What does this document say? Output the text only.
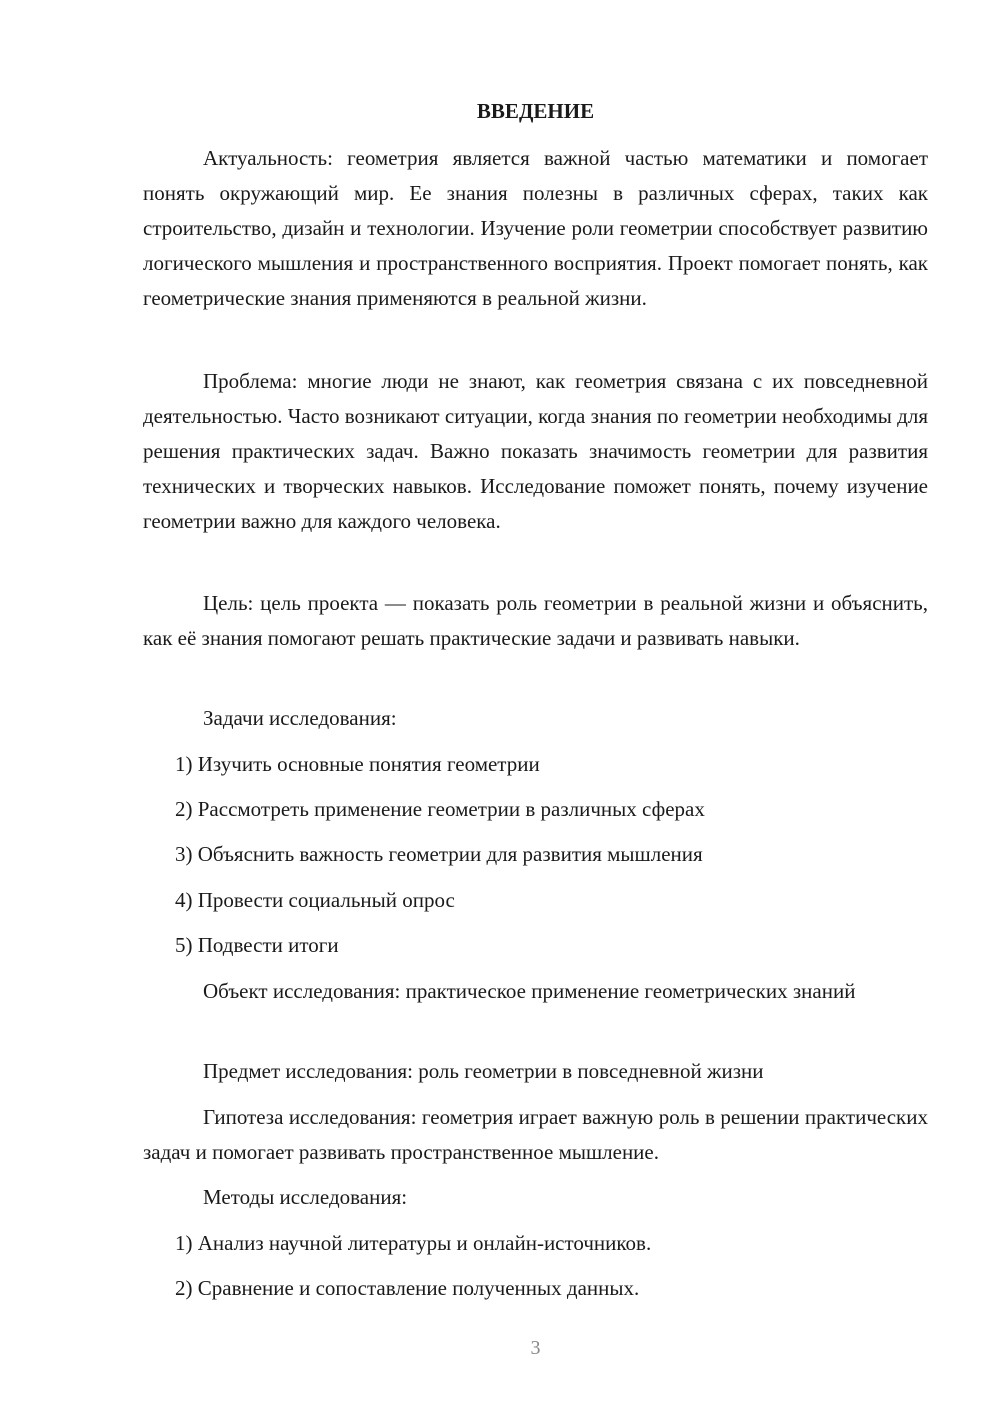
ВВЕДЕНИЕ

Актуальность: геометрия является важной частью математики и помогает понять окружающий мир. Ее знания полезны в различных сферах, таких как строительство, дизайн и технологии. Изучение роли геометрии способствует развитию логического мышления и пространственного восприятия. Проект помогает понять, как геометрические знания применяются в реальной жизни.

Проблема: многие люди не знают, как геометрия связана с их повседневной деятельностью. Часто возникают ситуации, когда знания по геометрии необходимы для решения практических задач. Важно показать значимость геометрии для развития технических и творческих навыков. Исследование поможет понять, почему изучение геометрии важно для каждого человека.

Цель: цель проекта — показать роль геометрии в реальной жизни и объяснить, как её знания помогают решать практические задачи и развивать навыки.

Задачи исследования:

1) Изучить основные понятия геометрии

2) Рассмотреть применение геометрии в различных сферах

3) Объяснить важность геометрии для развития мышления

4) Провести социальный опрос

5) Подвести итоги

Объект исследования: практическое применение геометрических знаний

Предмет исследования: роль геометрии в повседневной жизни

Гипотеза исследования: геометрия играет важную роль в решении практических задач и помогает развивать пространственное мышление.

Методы исследования:

1) Анализ научной литературы и онлайн-источников.

2) Сравнение и сопоставление полученных данных.

3
